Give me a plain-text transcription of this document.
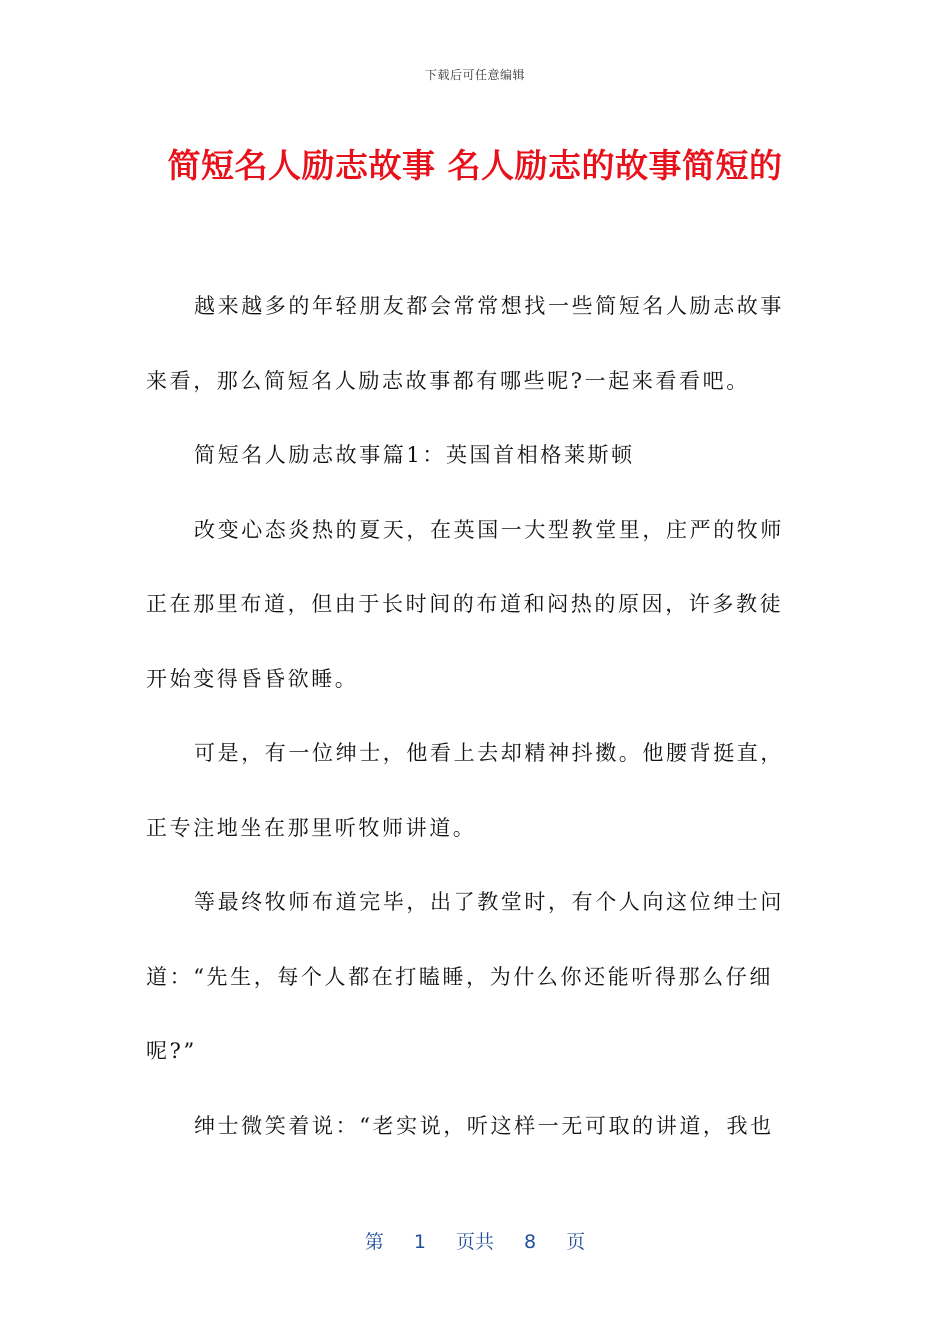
下载后可任意编辑
简短名人励志故事 名人励志的故事简短的

越来越多的年轻朋友都会常常想找一些简短名人励志故事来看，那么简短名人励志故事都有哪些呢?一起来看看吧。

简短名人励志故事篇1：英国首相格莱斯顿

改变心态炎热的夏天，在英国一大型教堂里，庄严的牧师正在那里布道，但由于长时间的布道和闷热的原因，许多教徒开始变得昏昏欲睡。

可是，有一位绅士，他看上去却精神抖擞。他腰背挺直，正专注地坐在那里听牧师讲道。

等最终牧师布道完毕，出了教堂时，有个人向这位绅士问道：“先生，每个人都在打瞌睡，为什么你还能听得那么仔细呢?”

绅士微笑着说：“老实说，听这样一无可取的讲道，我也

第 1 页共 8 页
